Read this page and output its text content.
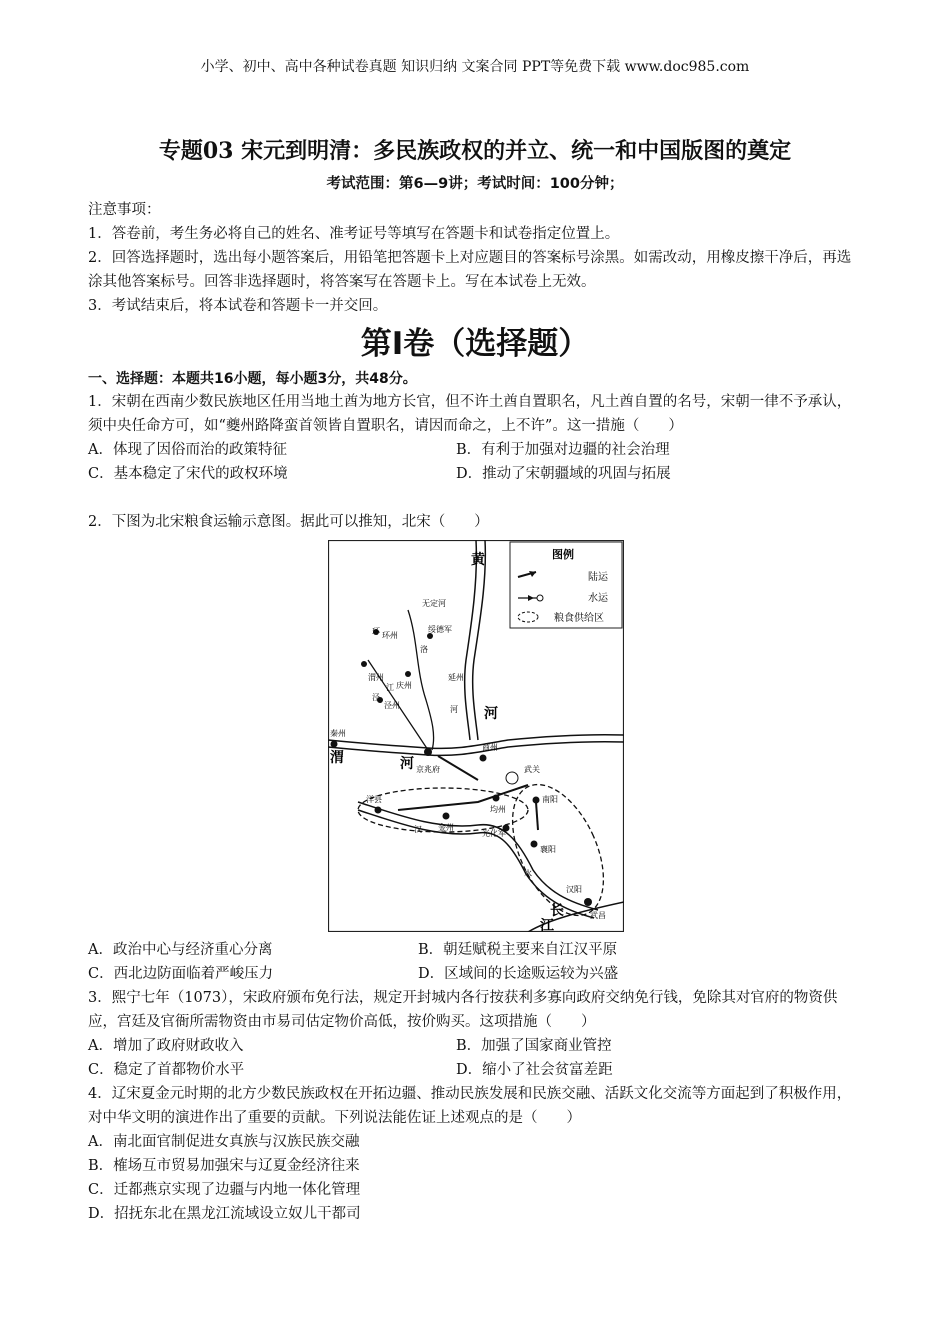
小学、初中、高中各种试卷真题 知识归纳 文案合同 PPT等免费下载 www.doc985.com
专题03 宋元到明清：多民族政权的并立、统一和中国版图的奠定
考试范围：第6—9讲；考试时间：100分钟；

注意事项：

1．答卷前，考生务必将自己的姓名、准考证号等填写在答题卡和试卷指定位置上。

2．回答选择题时，选出每小题答案后，用铅笔把答题卡上对应题目的答案标号涂黑。如需改动，用橡皮擦干净后，再选涂其他答案标号。回答非选择题时，将答案写在答题卡上。写在本试卷上无效。

3．考试结束后，将本试卷和答题卡一并交回。

第Ⅰ卷（选择题）
一、选择题：本题共16小题，每小题3分，共48分。

1．宋朝在西南少数民族地区任用当地土酋为地方长官，但不许土酋自置职名，凡土酋自置的名号，宋朝一律不予承认，须中央任命方可，如“夔州路降蛮首领皆自置职名，请因而命之，上不许”。这一措施（　　）

A．体现了因俗而治的政策特征	B．有利于加强对边疆的社会治理
C．基本稳定了宋代的政权环境	D．推动了宋朝疆域的巩固与拓展

2．下图为北宋粮食运输示意图。据此可以推知，北宋（　　）

图例
陆运
水运
粮食供给区
黄
河
渭	河
长
江
无定河
绥德军
环 环州
洛
庆州
延州
渭州
江
泾
泾州	河
秦州
京兆府
商州
武关
洋县
均州
南阳
汉 金州
光化军
襄阳
水
汉阳
武昌
A．政治中心与经济重心分离	B．朝廷赋税主要来自江汉平原
C．西北边防面临着严峻压力	D．区域间的长途贩运较为兴盛

3．熙宁七年（1073），宋政府颁布免行法，规定开封城内各行按获利多寡向政府交纳免行钱，免除其对官府的物资供应，宫廷及官衙所需物资由市易司估定物价高低，按价购买。这项措施（　　）

A．增加了政府财政收入	B．加强了国家商业管控
C．稳定了首都物价水平	D．缩小了社会贫富差距

4．辽宋夏金元时期的北方少数民族政权在开拓边疆、推动民族发展和民族交融、活跃文化交流等方面起到了积极作用，对中华文明的演进作出了重要的贡献。下列说法能佐证上述观点的是（　　）

A．南北面官制促进女真族与汉族民族交融
B．榷场互市贸易加强宋与辽夏金经济往来
C．迁都燕京实现了边疆与内地一体化管理
D．招抚东北在黑龙江流域设立奴儿干都司
